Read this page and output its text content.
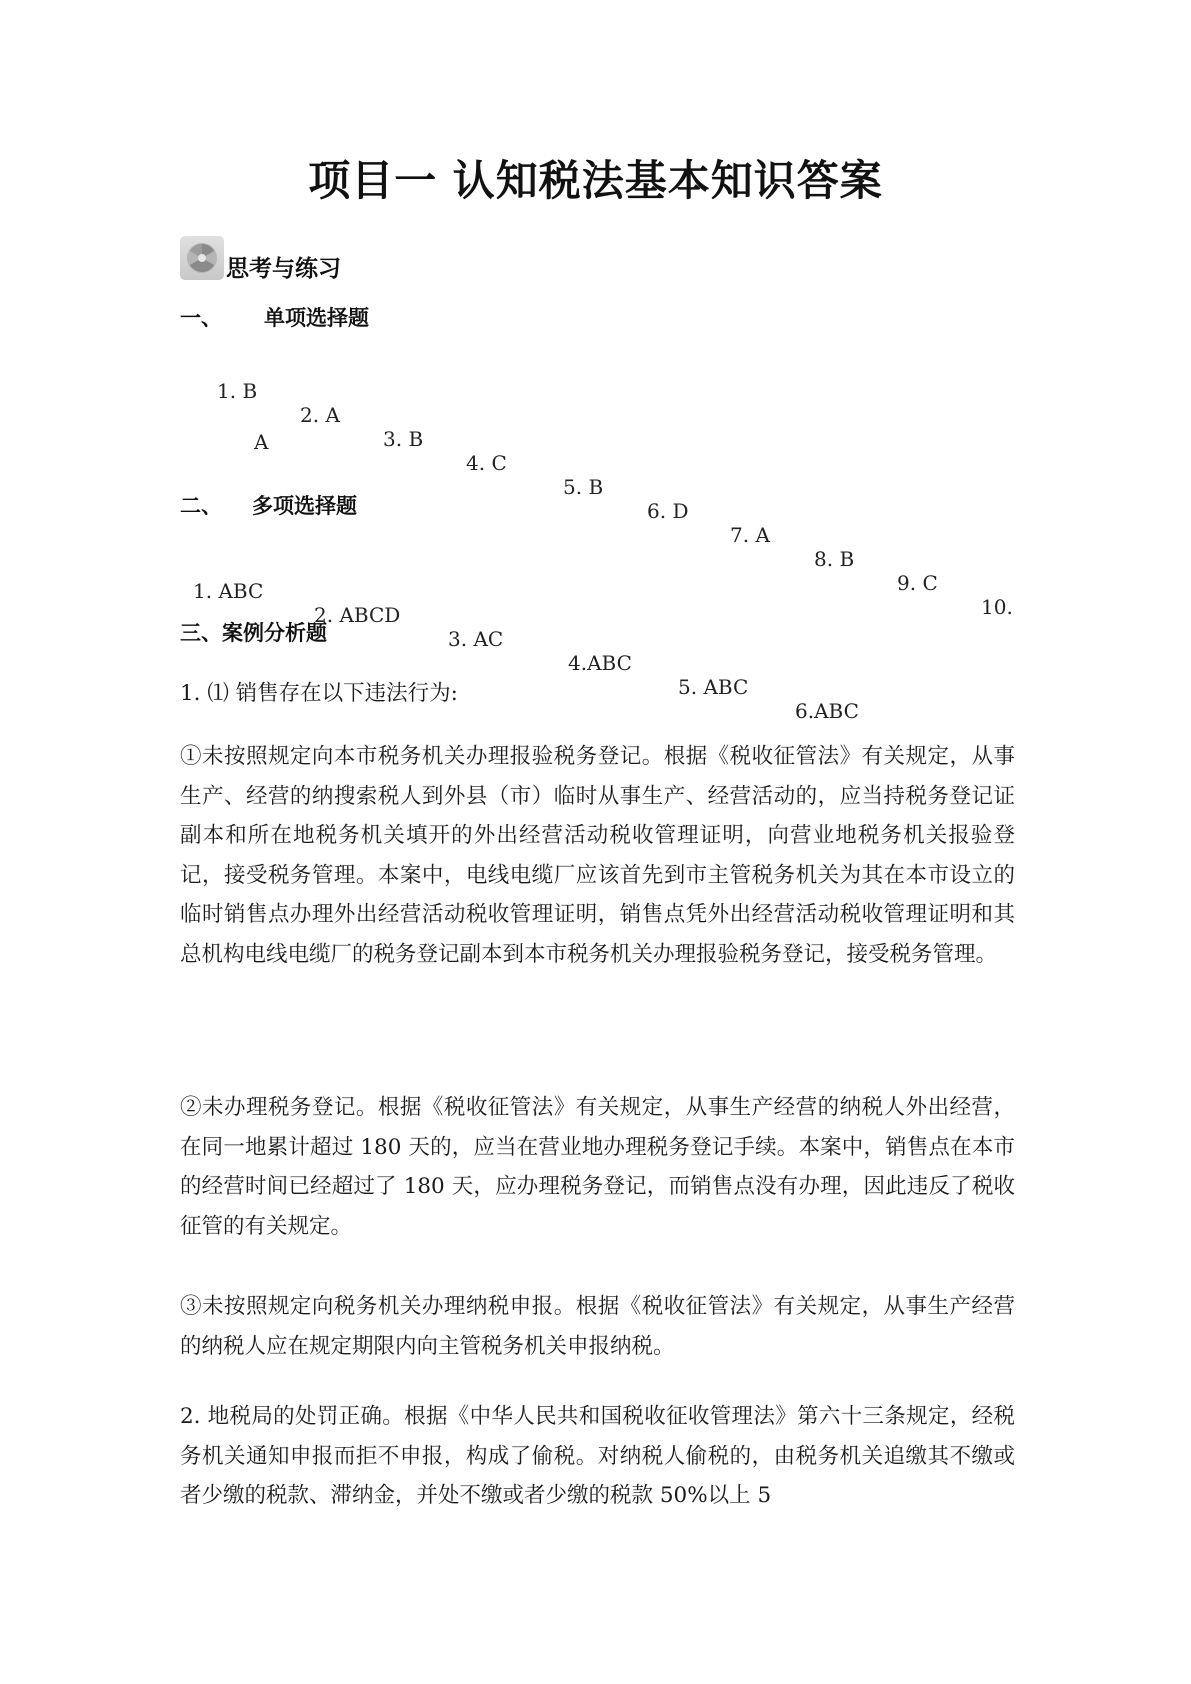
项目一 认知税法基本知识答案
思考与练习
一、 单项选择题

1. B

2. A

3. B

4. C

5. B

6. D

7. A

8. B

9. C

10.

A
二、 多项选择题

1. ABC

2. ABCD

3. AC

4.ABC

5. ABC

6.ABC

三、案例分析题

1. ⑴ 销售存在以下违法行为:

①未按照规定向本市税务机关办理报验税务登记。根据《税收征管法》有关规定，从事生产、经营的纳搜索税人到外县（市）临时从事生产、经营活动的，应当持税务登记证副本和所在地税务机关填开的外出经营活动税收管理证明，向营业地税务机关报验登记，接受税务管理。本案中，电线电缆厂应该首先到市主管税务机关为其在本市设立的临时销售点办理外出经营活动税收管理证明，销售点凭外出经营活动税收管理证明和其总机构电线电缆厂的税务登记副本到本市税务机关办理报验税务登记，接受税务管理。

②未办理税务登记。根据《税收征管法》有关规定，从事生产经营的纳税人外出经营，在同一地累计超过 180 天的，应当在营业地办理税务登记手续。本案中，销售点在本市的经营时间已经超过了 180 天，应办理税务登记，而销售点没有办理，因此违反了税收征管的有关规定。

③未按照规定向税务机关办理纳税申报。根据《税收征管法》有关规定，从事生产经营的纳税人应在规定期限内向主管税务机关申报纳税。

2. 地税局的处罚正确。根据《中华人民共和国税收征收管理法》第六十三条规定，经税务机关通知申报而拒不申报，构成了偷税。对纳税人偷税的，由税务机关追缴其不缴或者少缴的税款、滞纳金，并处不缴或者少缴的税款 50%以上 5
